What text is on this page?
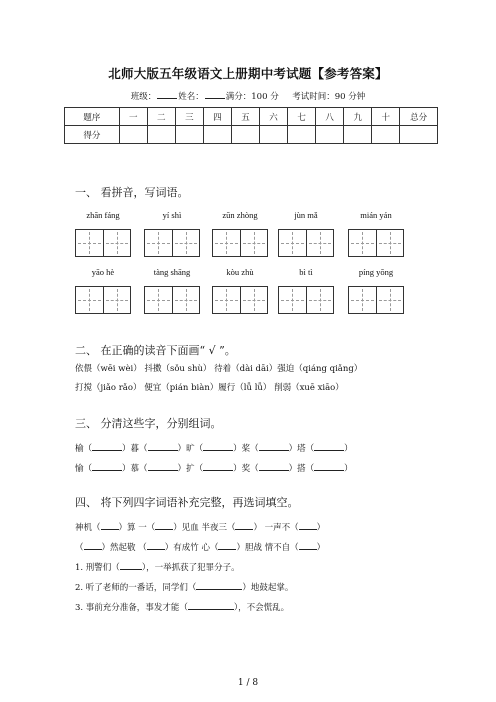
北师大版五年级语文上册期中考试题【参考答案】
班级：	姓名：	满分：100 分 考试时间：90 分钟
题序	一	二	三	四	五	六	七	八	九	十	总分
得分											
一、 看拼音，写词语。
zhān fáng	yí shì	zūn zhòng	jùn mǎ	mián yán
yāo hè	tàng shāng	kòu zhù	bì tì	píng yōng
二、 在正确的读音下面画“ √ ”。
依偎（wēi wèi） 抖擞（sǒu shù） 待着（dài dāi）强迫（qiáng qiǎng）
打搅（jiǎo rǎo） 便宜（pián biàn）履行（lǚ lǚ） 削弱（xuē xiāo）
三、 分清这些字，分别组词。
榆（	）暮（	）旷（	）桨（	）塔（	）
愉（	）慕（	）扩（	）奖（	）搭（	）
四、 将下列四字词语补充完整，再选词填空。
神机（ ）算 一（ ）见血 半夜三（ ） 一声不（ ）
（ ）然起敬 （ ）有成竹 心（ ）胆战 情不自（ ）
1. 刑警们（	），一举抓获了犯罪分子。
2. 听了老师的一番话，同学们（	）地鼓起掌。
3. 事前充分准备，事发才能（	），不会慌乱。
1 / 8
